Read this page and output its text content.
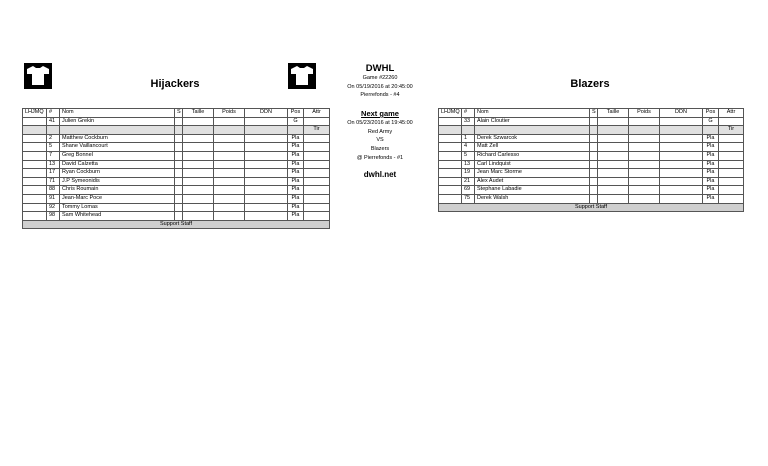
Hijackers	Blazers
DWHL
Game #22260
On 05/19/2016 at 20:45:00
Pierrefonds - #4
Next game
On 05/23/2016 at 19:45:00
Red Army
VS
Blazers
@ Pierrefonds - #1
dwhl.net
LHJMQ	#	Nom	S	Taille	Poids	DDN	Pos	Attr
	41	Julien Grekin					G	
								Tir
	2	Matthew Cockburn					Pla	
	5	Shane Vaillancourt					Pla	
	7	Greg Bonnel					Pla	
	13	David Calzetta					Pla	
	17	Ryan Cockburn					Pla	
	71	J.P Symeonidis					Pla	
	88	Chris Roumain					Pla	
	91	Jean-Marc Poce					Pla	
	92	Tommy Lomas					Pla	
	98	Sam Whitehead					Pla	
Support Staff								
LHJMQ	#	Nom	S	Taille	Poids	DDN	Pos	Attr
	33	Alain Cloutier					G	
								Tir
	1	Derek Szwarcok					Pla	
	4	Matt Zell					Pla	
	5	Richard Carlesso					Pla	
	13	Carl Lindquist					Pla	
	19	Jean Marc Storme					Pla	
	21	Alex Audet					Pla	
	69	Stephane Labadie					Pla	
	75	Derek Walsh					Pla	
Support Staff								
